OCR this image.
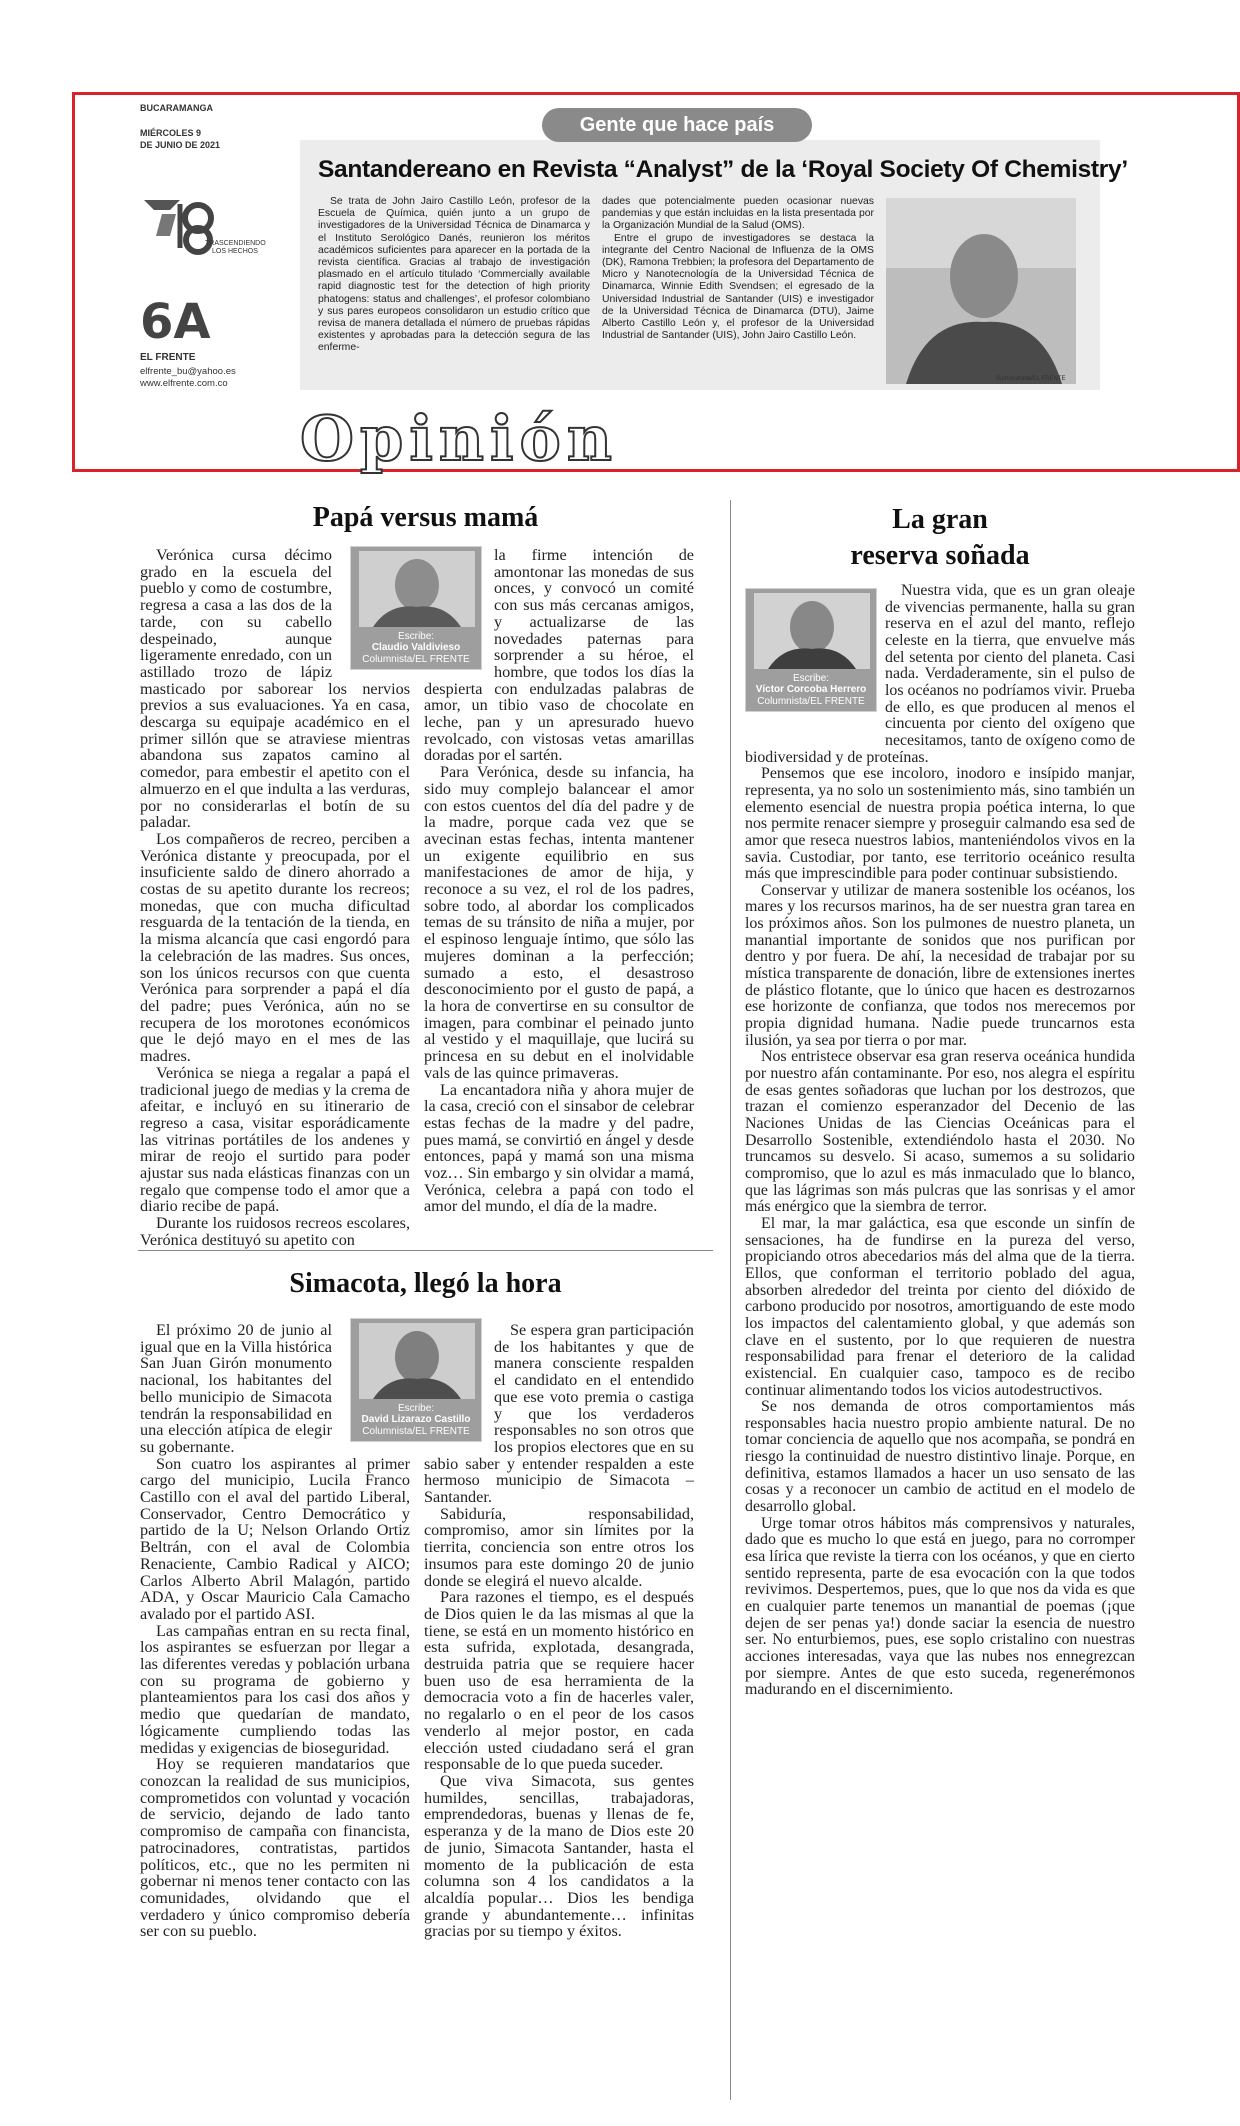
BUCARAMANGA
MIÉRCOLES 9
DE JUNIO DE 2021
TRASCENDIENDO
LOS HECHOS
6A
EL FRENTE
elfrente_bu@yahoo.es
www.elfrente.com.co
Gente que hace país
Santandereano en Revista “Analyst” de la ‘Royal Society Of Chemistry’

Se trata de John Jairo Castillo León, profesor de la Escuela de Química, quién junto a un grupo de investigadores de la Universidad Técnica de Dinamarca y el Instituto Serológico Danés, reunieron los méritos académicos suficientes para aparecer en la portada de la revista científica. Gracias al trabajo de investigación plasmado en el artículo titulado ‘Commercially available rapid diagnostic test for the detection of high priority phatogens: status and challenges’, el profesor colombiano y sus pares europeos consolidaron un estudio crítico que revisa de manera detallada el número de pruebas rápidas existentes y aprobadas para la detección segura de las enferme-

dades que potencialmente pueden ocasionar nuevas pandemias y que están incluidas en la lista presentada por la Organización Mundial de la Salud (OMS).

Entre el grupo de investigadores se destaca la integrante del Centro Nacional de Influenza de la OMS (DK), Ramona Trebbien; la profesora del Departamento de Micro y Nanotecnología de la Universidad Técnica de Dinamarca, Winnie Edith Svendsen; el egresado de la Universidad Industrial de Santander (UIS) e investigador de la Universidad Técnica de Dinamarca (DTU), Jaime Alberto Castillo León y, el profesor de la Universidad Industrial de Santander (UIS), John Jairo Castillo León.

Suministrada/EL FRENTE
Opinión
Papá versus mamá
Escribe:
Claudio Valdivieso
Columnista/EL FRENTE

Verónica cursa décimo grado en la escuela del pueblo y como de costumbre, regresa a casa a las dos de la tarde, con su cabello despeinado, aunque ligeramente enredado, con un astillado trozo de lápiz masticado por saborear los nervios previos a sus evaluaciones. Ya en casa, descarga su equipaje académico en el primer sillón que se atraviese mientras abandona sus zapatos camino al comedor, para embestir el apetito con el almuerzo en el que indulta a las verduras, por no considerarlas el botín de su paladar.

Los compañeros de recreo, perciben a Verónica distante y preocupada, por el insuficiente saldo de dinero ahorrado a costas de su apetito durante los recreos; monedas, que con mucha dificultad resguarda de la tentación de la tienda, en la misma alcancía que casi engordó para la celebración de las madres. Sus onces, son los únicos recursos con que cuenta Verónica para sorprender a papá el día del padre; pues Verónica, aún no se recupera de los morotones económicos que le dejó mayo en el mes de las madres.

Verónica se niega a regalar a papá el tradicional juego de medias y la crema de afeitar, e incluyó en su itinerario de regreso a casa, visitar esporádicamente las vitrinas portátiles de los andenes y mirar de reojo el surtido para poder ajustar sus nada elásticas finanzas con un regalo que compense todo el amor que a diario recibe de papá.

Durante los ruidosos recreos escolares, Verónica destituyó su apetito con

la firme intención de amontonar las monedas de sus onces, y convocó un comité con sus más cercanas amigos, y actualizarse de las novedades paternas para sorprender a su héroe, el hombre, que todos los días la despierta con endulzadas palabras de amor, un tibio vaso de chocolate en leche, pan y un apresurado huevo revolcado, con vistosas vetas amarillas doradas por el sartén.

Para Verónica, desde su infancia, ha sido muy complejo balancear el amor con estos cuentos del día del padre y de la madre, porque cada vez que se avecinan estas fechas, intenta mantener un exigente equilibrio en sus manifestaciones de amor de hija, y reconoce a su vez, el rol de los padres, sobre todo, al abordar los complicados temas de su tránsito de niña a mujer, por el espinoso lenguaje íntimo, que sólo las mujeres dominan a la perfección; sumado a esto, el desastroso desconocimiento por el gusto de papá, a la hora de convertirse en su consultor de imagen, para combinar el peinado junto al vestido y el maquillaje, que lucirá su princesa en su debut en el inolvidable vals de las quince primaveras.

La encantadora niña y ahora mujer de la casa, creció con el sinsabor de celebrar estas fechas de la madre y del padre, pues mamá, se convirtió en ángel y desde entonces, papá y mamá son una misma voz… Sin embargo y sin olvidar a mamá, Verónica, celebra a papá con todo el amor del mundo, el día de la madre.

Simacota, llegó la hora
Escribe:
David Lizarazo Castillo
Columnista/EL FRENTE

El próximo 20 de junio al igual que en la Villa histórica San Juan Girón monumento nacional, los habitantes del bello municipio de Simacota tendrán la responsabilidad en una elección atípica de elegir su gobernante.

Son cuatro los aspirantes al primer cargo del municipio, Lucila Franco Castillo con el aval del partido Liberal, Conservador, Centro Democrático y partido de la U; Nelson Orlando Ortiz Beltrán, con el aval de Colombia Renaciente, Cambio Radical y AICO; Carlos Alberto Abril Malagón, partido ADA, y Oscar Mauricio Cala Camacho avalado por el partido ASI.

Las campañas entran en su recta final, los aspirantes se esfuerzan por llegar a las diferentes veredas y población urbana con su programa de gobierno y planteamientos para los casi dos años y medio que quedarían de mandato, lógicamente cumpliendo todas las medidas y exigencias de bioseguridad.

Hoy se requieren mandatarios que conozcan la realidad de sus municipios, comprometidos con voluntad y vocación de servicio, dejando de lado tanto compromiso de campaña con financista, patrocinadores, contratistas, partidos políticos, etc., que no les permiten ni gobernar ni menos tener contacto con las comunidades, olvidando que el verdadero y único compromiso debería ser con su pueblo.

Se espera gran participación de los habitantes y que de manera consciente respalden el candidato en el entendido que ese voto premia o castiga y que los verdaderos responsables no son otros que los propios electores que en su sabio saber y entender respalden a este hermoso municipio de Simacota – Santander.

Sabiduría, responsabilidad, compromiso, amor sin límites por la tierrita, conciencia son entre otros los insumos para este domingo 20 de junio donde se elegirá el nuevo alcalde.

Para razones el tiempo, es el después de Dios quien le da las mismas al que la tiene, se está en un momento histórico en esta sufrida, explotada, desangrada, destruida patria que se requiere hacer buen uso de esa herramienta de la democracia voto a fin de hacerles valer, no regalarlo o en el peor de los casos venderlo al mejor postor, en cada elección usted ciudadano será el gran responsable de lo que pueda suceder.

Que viva Simacota, sus gentes humildes, sencillas, trabajadoras, emprendedoras, buenas y llenas de fe, esperanza y de la mano de Dios este 20 de junio, Simacota Santander, hasta el momento de la publicación de esta columna son 4 los candidatos a la alcaldía popular… Dios les bendiga grande y abundantemente… infinitas gracias por su tiempo y éxitos.

La gran
reserva soñada
Escribe:
Víctor Corcoba Herrero
Columnista/EL FRENTE

Nuestra vida, que es un gran oleaje de vivencias permanente, halla su gran reserva en el azul del manto, reflejo celeste en la tierra, que envuelve más del setenta por ciento del planeta. Casi nada. Verdaderamente, sin el pulso de los océanos no podríamos vivir. Prueba de ello, es que producen al menos el cincuenta por ciento del oxígeno que necesitamos, tanto de oxígeno como de biodiversidad y de proteínas.

Pensemos que ese incoloro, inodoro e insípido manjar, representa, ya no solo un sostenimiento más, sino también un elemento esencial de nuestra propia poética interna, lo que nos permite renacer siempre y proseguir calmando esa sed de amor que reseca nuestros labios, manteniéndolos vivos en la savia. Custodiar, por tanto, ese territorio oceánico resulta más que imprescindible para poder continuar subsistiendo.

Conservar y utilizar de manera sostenible los océanos, los mares y los recursos marinos, ha de ser nuestra gran tarea en los próximos años. Son los pulmones de nuestro planeta, un manantial importante de sonidos que nos purifican por dentro y por fuera. De ahí, la necesidad de trabajar por su mística transparente de donación, libre de extensiones inertes de plástico flotante, que lo único que hacen es destrozarnos ese horizonte de confianza, que todos nos merecemos por propia dignidad humana. Nadie puede truncarnos esta ilusión, ya sea por tierra o por mar.

Nos entristece observar esa gran reserva oceánica hundida por nuestro afán contaminante. Por eso, nos alegra el espíritu de esas gentes soñadoras que luchan por los destrozos, que trazan el comienzo esperanzador del Decenio de las Naciones Unidas de las Ciencias Oceánicas para el Desarrollo Sostenible, extendiéndolo hasta el 2030. No truncamos su desvelo. Si acaso, sumemos a su solidario compromiso, que lo azul es más inmaculado que lo blanco, que las lágrimas son más pulcras que las sonrisas y el amor más enérgico que la siembra de terror.

El mar, la mar galáctica, esa que esconde un sinfín de sensaciones, ha de fundirse en la pureza del verso, propiciando otros abecedarios más del alma que de la tierra. Ellos, que conforman el territorio poblado del agua, absorben alrededor del treinta por ciento del dióxido de carbono producido por nosotros, amortiguando de este modo los impactos del calentamiento global, y que además son clave en el sustento, por lo que requieren de nuestra responsabilidad para frenar el deterioro de la calidad existencial. En cualquier caso, tampoco es de recibo continuar alimentando todos los vicios autodestructivos.

Se nos demanda de otros comportamientos más responsables hacia nuestro propio ambiente natural. De no tomar conciencia de aquello que nos acompaña, se pondrá en riesgo la continuidad de nuestro distintivo linaje. Porque, en definitiva, estamos llamados a hacer un uso sensato de las cosas y a reconocer un cambio de actitud en el modelo de desarrollo global.

Urge tomar otros hábitos más comprensivos y naturales, dado que es mucho lo que está en juego, para no corromper esa lírica que reviste la tierra con los océanos, y que en cierto sentido representa, parte de esa evocación con la que todos revivimos. Despertemos, pues, que lo que nos da vida es que en cualquier parte tenemos un manantial de poemas (¡que dejen de ser penas ya!) donde saciar la esencia de nuestro ser. No enturbiemos, pues, ese soplo cristalino con nuestras acciones interesadas, vaya que las nubes nos ennegrezcan por siempre. Antes de que esto suceda, regenerémonos madurando en el discernimiento.
